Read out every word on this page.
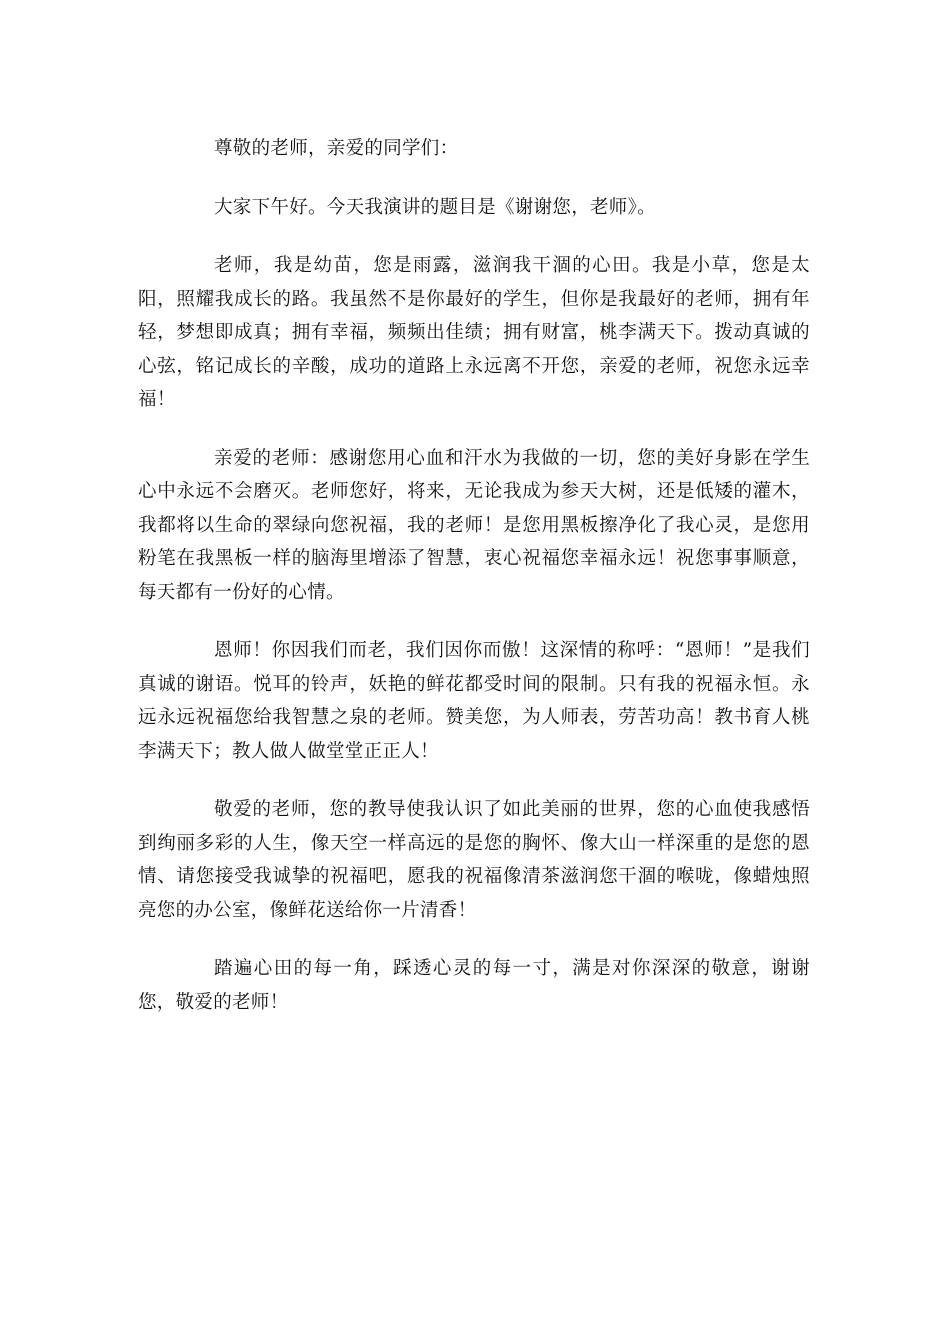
尊敬的老师，亲爱的同学们：

大家下午好。今天我演讲的题目是《谢谢您，老师》。

老师，我是幼苗，您是雨露，滋润我干涸的心田。我是小草，您是太阳，照耀我成长的路。我虽然不是你最好的学生，但你是我最好的老师，拥有年轻，梦想即成真；拥有幸福，频频出佳绩；拥有财富，桃李满天下。拨动真诚的心弦，铭记成长的辛酸，成功的道路上永远离不开您，亲爱的老师，祝您永远幸福！

亲爱的老师：感谢您用心血和汗水为我做的一切，您的美好身影在学生心中永远不会磨灭。老师您好，将来，无论我成为参天大树，还是低矮的灌木，我都将以生命的翠绿向您祝福，我的老师！是您用黑板擦净化了我心灵，是您用粉笔在我黑板一样的脑海里增添了智慧，衷心祝福您幸福永远！祝您事事顺意，每天都有一份好的心情。

恩师！你因我们而老，我们因你而傲！这深情的称呼：“恩师！”是我们真诚的谢语。悦耳的铃声，妖艳的鲜花都受时间的限制。只有我的祝福永恒。永远永远祝福您给我智慧之泉的老师。赞美您，为人师表，劳苦功高！教书育人桃李满天下；教人做人做堂堂正正人！

敬爱的老师，您的教导使我认识了如此美丽的世界，您的心血使我感悟到绚丽多彩的人生，像天空一样高远的是您的胸怀、像大山一样深重的是您的恩情、请您接受我诚挚的祝福吧，愿我的祝福像清茶滋润您干涸的喉咙，像蜡烛照亮您的办公室，像鲜花送给你一片清香！

踏遍心田的每一角，踩透心灵的每一寸，满是对你深深的敬意，谢谢您，敬爱的老师！
